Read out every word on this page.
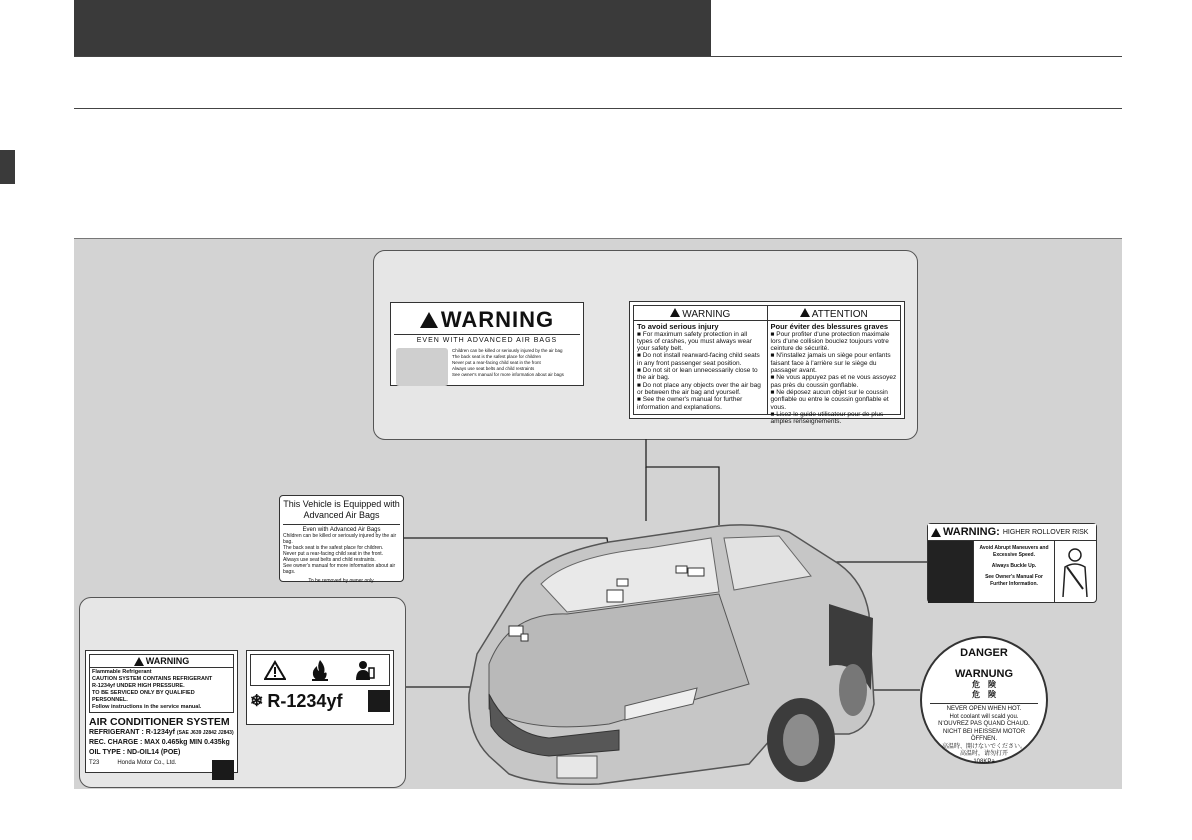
WARNING
EVEN WITH ADVANCED AIR BAGS
Children can be killed or seriously injured by the air bag
The back seat is the safest place for children
Never put a rear-facing child seat in the front
Always use seat belts and child restraints
See owner's manual for more information about air bags
WARNING
To avoid serious injury
■ For maximum safety protection in all types of crashes, you must always wear your safety belt.
■ Do not install rearward-facing child seats in any front passenger seat position.
■ Do not sit or lean unnecessarily close to the air bag.
■ Do not place any objects over the air bag or between the air bag and yourself.
■ See the owner's manual for further information and explanations.
ATTENTION
Pour éviter des blessures graves
■ Pour profiter d'une protection maximale lors d'une collision bouclez toujours votre ceinture de sécurité.
■ N'installez jamais un siège pour enfants faisant face à l'arrière sur le siège du passager avant.
■ Ne vous appuyez pas et ne vous assoyez pas près du coussin gonflable.
■ Ne déposez aucun objet sur le coussin gonflable ou entre le coussin gonflable et vous.
■ Lisez le guide utilisateur pour de plus amples renseignements.
This Vehicle is Equipped with
Advanced Air Bags
Even with Advanced Air Bags
Children can be killed or seriously injured by the air bag.
The back seat is the safest place for children.
Never put a rear-facing child seat in the front.
Always use seat belts and child restraints.
See owner's manual for more information about air bags.
To be removed by owner only.
WARNING: HIGHER ROLLOVER RISK
Avoid Abrupt Maneuvers and Excessive Speed.
Always Buckle Up.
See Owner's Manual For Further Information.
DANGER
WARNUNG
危　険
危　険
NEVER OPEN WHEN HOT.
Hot coolant will scald you.
N'OUVREZ PAS QUAND CHAUD.
NICHT BEI HEISSEM MOTOR ÖFFNEN.
高温時、開けないでください。
高温时，请勿打开
108KPa
WARNING
Flammable Refrigerant
CAUTION SYSTEM CONTAINS REFRIGERANT
R-1234yf UNDER HIGH PRESSURE.
TO BE SERVICED ONLY BY QUALIFIED PERSONNEL.
Follow instructions in the service manual.
AIR CONDITIONER SYSTEM
REFRIGERANT : R-1234yf (SAE J639 J2842 J2843)
REC. CHARGE : MAX 0.465kg MIN 0.435kg
OIL TYPE : ND-OIL14 (POE)
T23	Honda Motor Co., Ltd.
❄ R-1234yf
